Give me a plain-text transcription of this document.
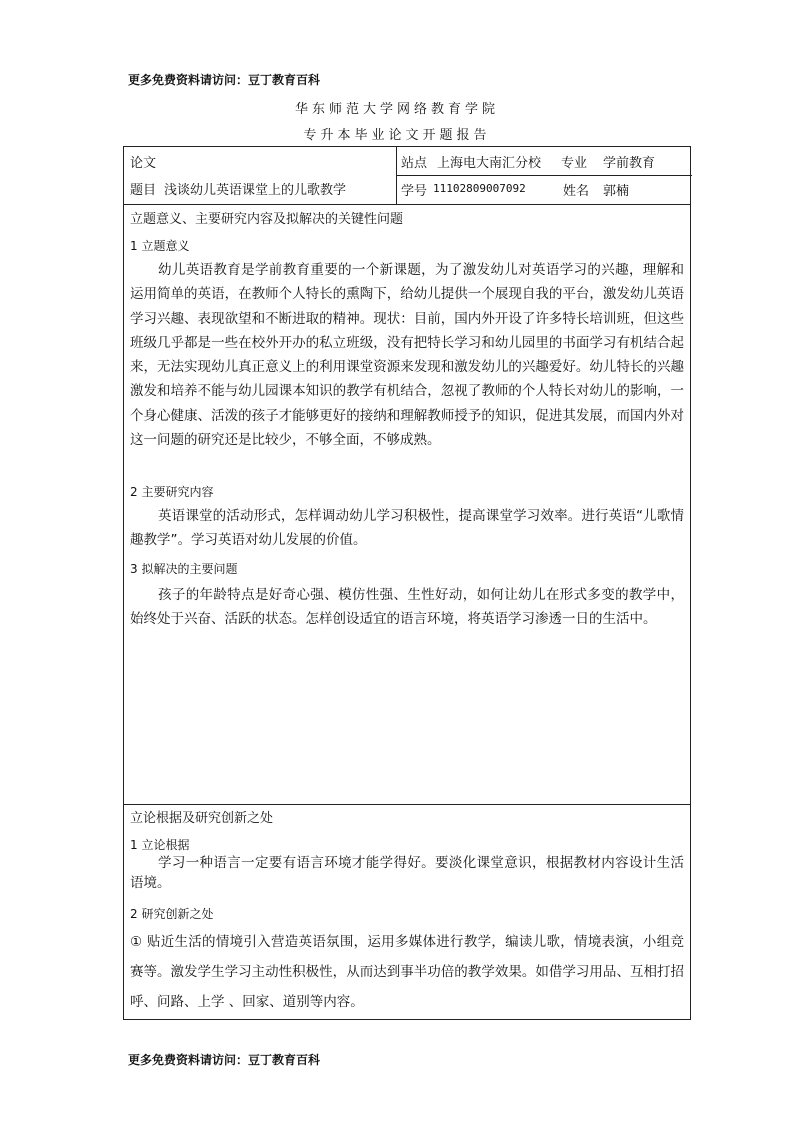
更多免费资料请访问：豆丁教育百科
华东师范大学网络教育学院
专升本毕业论文开题报告
论文
题目 浅谈幼儿英语课堂上的儿歌教学
站点 上海电大南汇分校 专业 学前教育
学号 11102809007092	姓名 郭楠
立题意义、主要研究内容及拟解决的关键性问题
1 立题意义

幼儿英语教育是学前教育重要的一个新课题，为了激发幼儿对英语学习的兴趣，理解和运用简单的英语，在教师个人特长的熏陶下，给幼儿提供一个展现自我的平台，激发幼儿英语学习兴趣、表现欲望和不断进取的精神。现状：目前，国内外开设了许多特长培训班，但这些班级几乎都是一些在校外开办的私立班级，没有把特长学习和幼儿园里的书面学习有机结合起来，无法实现幼儿真正意义上的利用课堂资源来发现和激发幼儿的兴趣爱好。幼儿特长的兴趣激发和培养不能与幼儿园课本知识的教学有机结合，忽视了教师的个人特长对幼儿的影响，一个身心健康、活泼的孩子才能够更好的接纳和理解教师授予的知识，促进其发展，而国内外对这一问题的研究还是比较少，不够全面，不够成熟。

2 主要研究内容

英语课堂的活动形式，怎样调动幼儿学习积极性，提高课堂学习效率。进行英语“儿歌情趣教学”。学习英语对幼儿发展的价值。

3 拟解决的主要问题

孩子的年龄特点是好奇心强、模仿性强、生性好动，如何让幼儿在形式多变的教学中，始终处于兴奋、活跃的状态。怎样创设适宜的语言环境，将英语学习渗透一日的生活中。

立论根据及研究创新之处
1 立论根据

学习一种语言一定要有语言环境才能学得好。要淡化课堂意识，根据教材内容设计生活语境。

2 研究创新之处

① 贴近生活的情境引入营造英语氛围，运用多媒体进行教学，编读儿歌，情境表演，小组竞赛等。激发学生学习主动性积极性，从而达到事半功倍的教学效果。如借学习用品、互相打招呼、问路、上学 、回家、道别等内容。

更多免费资料请访问：豆丁教育百科
